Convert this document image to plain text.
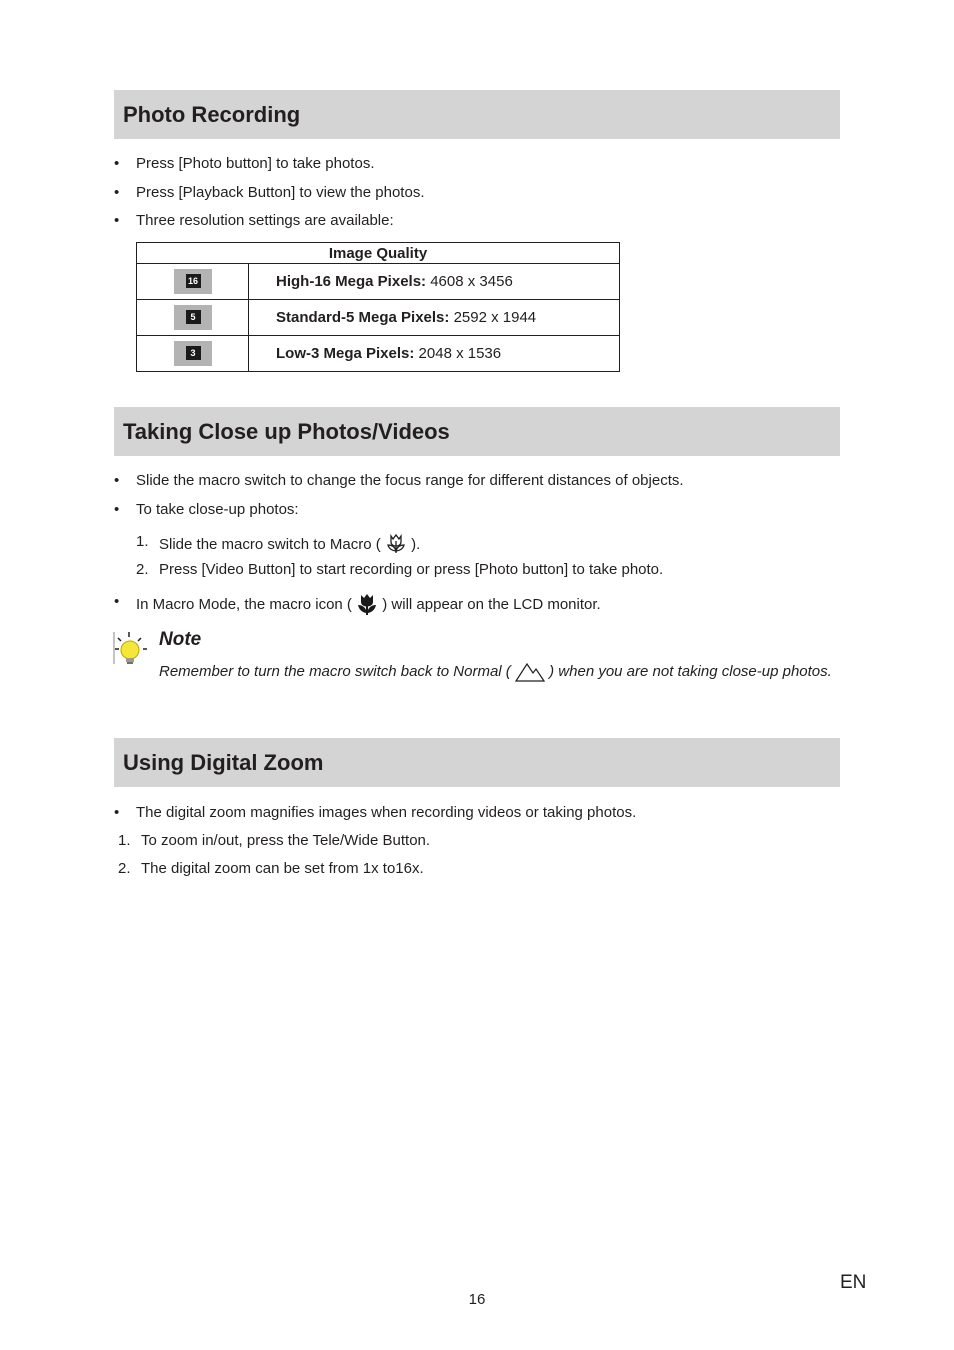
Photo Recording
• Press [Photo button] to take photos.
• Press [Playback Button] to view the photos.
• Three resolution settings are available:
Image Quality	

16	High-16 Mega Pixels: 4608 x 3456

5	Standard-5 Mega Pixels: 2592 x 1944

3	Low-3 Mega Pixels: 2048 x 1536
Taking Close up Photos/Videos
• Slide the macro switch to change the focus range for different distances of objects.
• To take close-up photos:
1. Slide the macro switch to Macro ( ).
2. Press [Video Button] to start recording or press [Photo button] to take photo.
• In Macro Mode, the macro icon ( ) will appear on the LCD monitor.
Note
Remember to turn the macro switch back to Normal (	) when you are not taking close-up photos.
Using Digital Zoom
• The digital zoom magnifies images when recording videos or taking photos.
1. To zoom in/out, press the Tele/Wide Button.
2. The digital zoom can be set from 1x to16x.
EN
16
